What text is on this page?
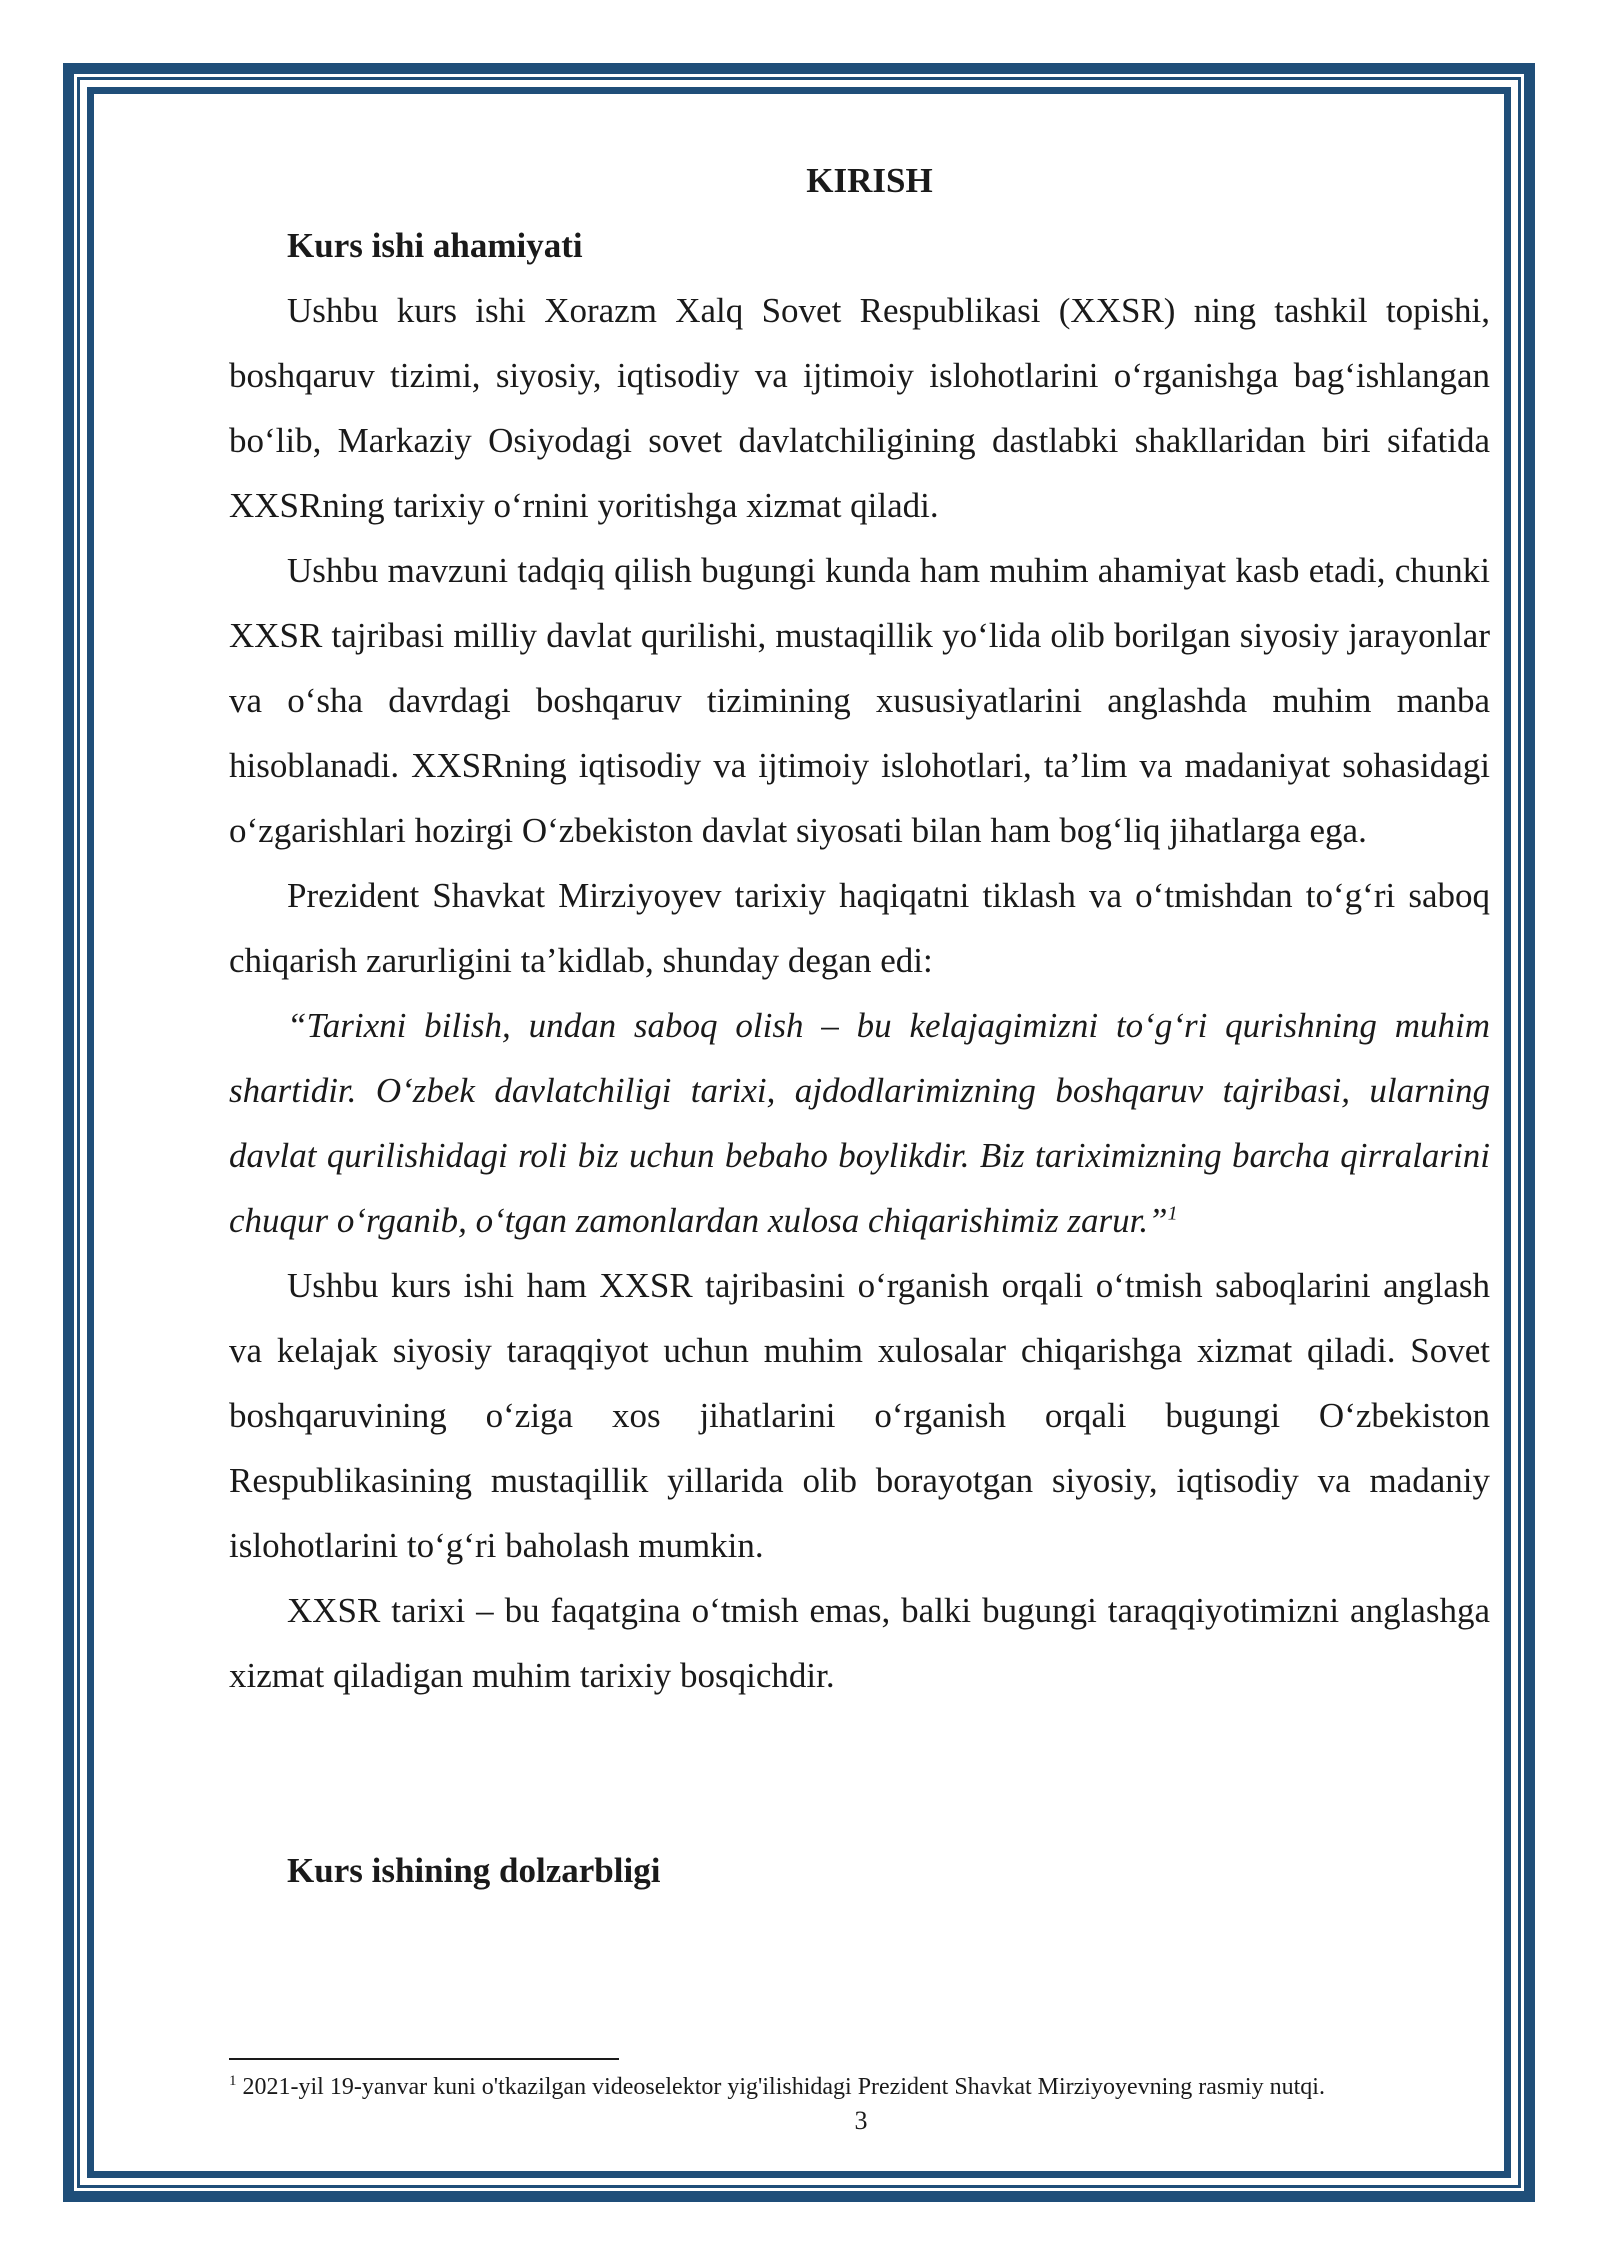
KIRISH

Kurs ishi ahamiyati

Ushbu kurs ishi Xorazm Xalq Sovet Respublikasi (XXSR) ning tashkil topishi, boshqaruv tizimi, siyosiy, iqtisodiy va ijtimoiy islohotlarini o‘rganishga bag‘ishlangan bo‘lib, Markaziy Osiyodagi sovet davlatchiligining dastlabki shakllaridan biri sifatida XXSRning tarixiy o‘rnini yoritishga xizmat qiladi.

Ushbu mavzuni tadqiq qilish bugungi kunda ham muhim ahamiyat kasb etadi, chunki XXSR tajribasi milliy davlat qurilishi, mustaqillik yo‘lida olib borilgan siyosiy jarayonlar va o‘sha davrdagi boshqaruv tizimining xususiyatlarini anglashda muhim manba hisoblanadi. XXSRning iqtisodiy va ijtimoiy islohotlari, ta’lim va madaniyat sohasidagi o‘zgarishlari hozirgi O‘zbekiston davlat siyosati bilan ham bog‘liq jihatlarga ega.

Prezident Shavkat Mirziyoyev tarixiy haqiqatni tiklash va o‘tmishdan to‘g‘ri saboq chiqarish zarurligini ta’kidlab, shunday degan edi:

“Tarixni bilish, undan saboq olish – bu kelajagimizni to‘g‘ri qurishning muhim shartidir. O‘zbek davlatchiligi tarixi, ajdodlarimizning boshqaruv tajribasi, ularning davlat qurilishidagi roli biz uchun bebaho boylikdir. Biz tariximizning barcha qirralarini chuqur o‘rganib, o‘tgan zamonlardan xulosa chiqarishimiz zarur.”$^1$

Ushbu kurs ishi ham XXSR tajribasini o‘rganish orqali o‘tmish saboqlarini anglash va kelajak siyosiy taraqqiyot uchun muhim xulosalar chiqarishga xizmat qiladi. Sovet boshqaruvining o‘ziga xos jihatlarini o‘rganish orqali bugungi O‘zbekiston Respublikasining mustaqillik yillarida olib borayotgan siyosiy, iqtisodiy va madaniy islohotlarini to‘g‘ri baholash mumkin.

XXSR tarixi – bu faqatgina o‘tmish emas, balki bugungi taraqqiyotimizni anglashga xizmat qiladigan muhim tarixiy bosqichdir.

Kurs ishining dolzarbligi

$^1$ 2021-yil 19-yanvar kuni o'tkazilgan videoselektor yig'ilishidagi Prezident Shavkat Mirziyoyevning rasmiy nutqi.

3
